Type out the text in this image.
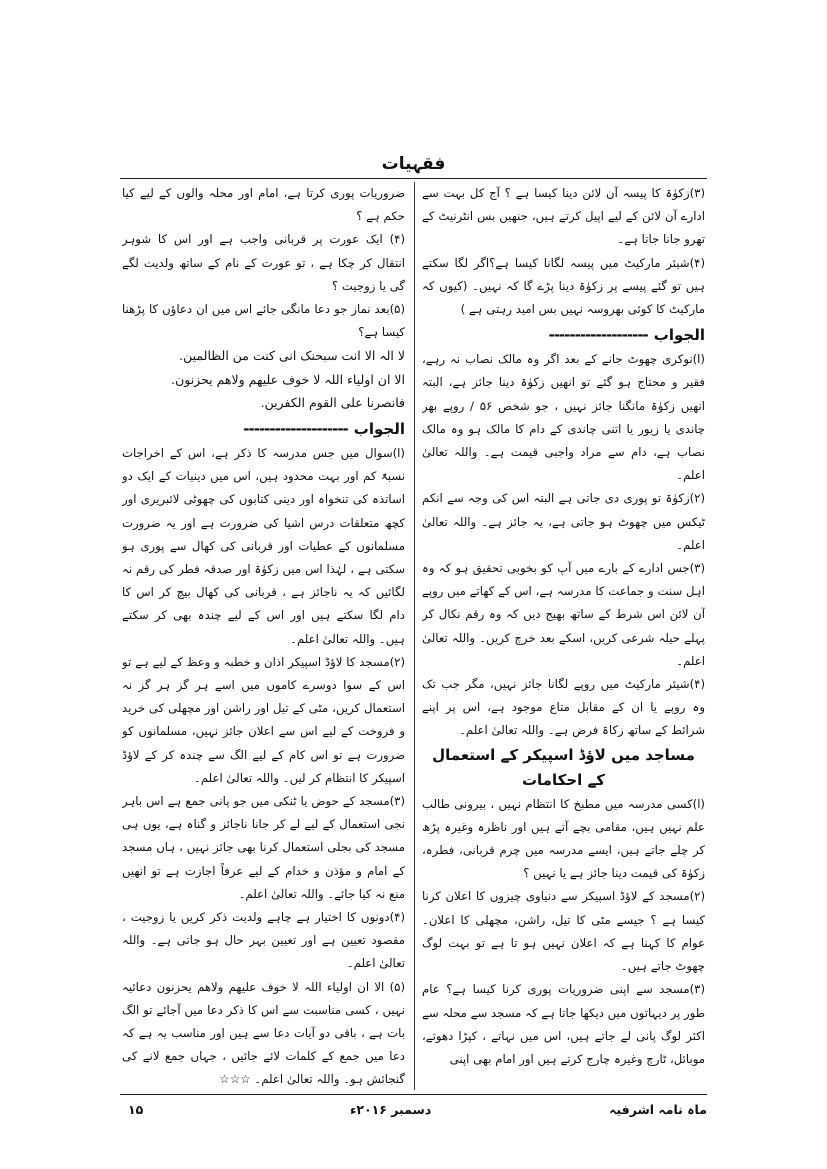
فقہیات

(۳)زکوٰۃ کا پیسہ آن لائن دینا کیسا ہے ؟ آج کل بہت سے ادارے آن لائن کے لیے اپیل کرتے ہیں، جنھیں بس انٹرنیٹ کے تھرو جانا جاتا ہے۔

(۴)شیئر مارکیٹ میں پیسہ لگانا کیسا ہے؟اگر لگا سکتے ہیں تو گئے پیسے پر زکوٰۃ دینا پڑے گا کہ نہیں۔ (کیوں کہ مارکیٹ کا کوئی بھروسہ نہیں بس امید رہتی ہے )

الجواب
-------------------

(ا)نوکری چھوٹ جانے کے بعد اگر وہ مالک نصاب نہ رہے، فقیر و محتاج ہو گئے تو انھیں زکوٰۃ دینا جائز ہے، البتہ انھیں زکوٰۃ مانگنا جائز نہیں ، جو شخص ۵۶ / روپے بھر چاندی یا زیور یا اتنی چاندی کے دام کا مالک ہو وہ مالک نصاب ہے، دام سے مراد واجبی قیمت ہے۔ واللہ تعالیٰ اعلم۔

(۲)زکوٰۃ تو پوری دی جاتی ہے البتہ اس کی وجہ سے انکم ٹیکس میں چھوٹ ہو جاتی ہے، یہ جائز ہے۔ واللہ تعالیٰ اعلم۔

(۳)جس ادارے کے بارے میں آپ کو بخوبی تحقیق ہو کہ وہ اہل سنت و جماعت کا مدرسہ ہے، اس کے کھاتے میں روپے آن لائن اس شرط کے ساتھ بھیج دیں کہ وہ رقم نکال کر پہلے حیلہ شرعی کریں، اسکے بعد خرچ کریں۔ واللہ تعالیٰ اعلم۔

(۴)شیئر مارکیٹ میں روپے لگانا جائز نہیں، مگر جب تک وہ روپے یا ان کے مقابل متاع موجود ہے، اس پر اپنے شرائط کے ساتھ زکاۃ فرض ہے۔ واللہ تعالیٰ اعلم۔

مساجد میں لاؤڈ اسپیکر کے استعمال کے احکامات

(ا)کسی مدرسہ میں مطبخ کا انتظام نہیں ، بیرونی طالب علم نہیں ہیں، مقامی بچے آتے ہیں اور ناظرہ وغیرہ پڑھ کر چلے جاتے ہیں، ایسے مدرسہ میں چرم قربانی، فطرہ، زکوٰۃ کی قیمت دینا جائز ہے یا نہیں ؟

(۲)مسجد کے لاؤڈ اسپیکر سے دنیاوی چیزوں کا اعلان کرنا کیسا ہے ؟ جیسے مٹی کا تیل، راشن، مچھلی کا اعلان۔ عوام کا کہنا ہے کہ اعلان نہیں ہو تا ہے تو بہت لوگ چھوٹ جاتے ہیں۔

(۳)مسجد سے اپنی ضروریات پوری کرنا کیسا ہے؟ عام طور پر دیہاتوں میں دیکھا جاتا ہے کہ مسجد سے محلہ سے اکثر لوگ پانی لے جاتے ہیں، اس میں نہاتے ، کپڑا دھوتے، موبائل، ٹارچ وغیرہ چارج کرتے ہیں اور امام بھی اپنی

ضروریات پوری کرتا ہے، امام اور محلہ والوں کے لیے کیا حکم ہے ؟

(۴) ایک عورت پر قربانی واجب ہے اور اس کا شوہر انتقال کر چکا ہے ، تو عورت کے نام کے ساتھ ولدیت لگے گی یا زوجیت ؟

(۵)بعد نماز جو دعا مانگی جائے اس میں ان دعاؤں کا پڑھنا کیسا ہے؟

لا الہ الا انت سبحنک انی کنت من الظالمین.

الا ان اولیاء اللہ لا خوف علیھم ولاھم یحزنون.

فانصرنا علی القوم الکفرین.

الجواب
--------------------

(ا)سوال میں جس مدرسہ کا ذکر ہے، اس کے اخراجات نسبۃً کم اور بہت محدود ہیں، اس میں دینیات کے ایک دو اساتذہ کی تنخواہ اور دینی کتابوں کی چھوٹی لائبریری اور کچھ متعلقات درس اشیا کی ضرورت ہے اور یہ ضرورت مسلمانوں کے عطیات اور قربانی کی کھال سے پوری ہو سکتی ہے ، لہٰذا اس میں زکوٰۃ اور صدقہ فطر کی رقم نہ لگائیں کہ یہ ناجائز ہے ، قربانی کی کھال بیچ کر اس کا دام لگا سکتے ہیں اور اس کے لیے چندہ بھی کر سکتے ہیں۔ واللہ تعالیٰ اعلم۔

(۲)مسجد کا لاؤڈ اسپیکر اذان و خطبہ و وعظ کے لیے ہے تو اس کے سوا دوسرے کاموں میں اسے ہر گز ہر گز نہ استعمال کریں، مٹی کے تیل اور راشن اور مچھلی کی خرید و فروخت کے لیے اس سے اعلان جائز نہیں، مسلمانوں کو ضرورت ہے تو اس کام کے لیے الگ سے چندہ کر کے لاؤڈ اسپیکر کا انتظام کر لیں۔ واللہ تعالیٰ اعلم۔

(۳)مسجد کے حوض یا ٹنکی میں جو پانی جمع ہے اس باہر نجی استعمال کے لیے لے کر جانا ناجائز و گناہ ہے، یوں ہی مسجد کی بجلی استعمال کرنا بھی جائز نہیں ، ہاں مسجد کے امام و مؤذن و خدام کے لیے عرفاً اجازت ہے تو انھیں منع نہ کیا جائے۔ واللہ تعالیٰ اعلم۔

(۴)دونوں کا اختیار ہے چاہے ولدیت ذکر کریں یا زوجیت ، مقصود تعیین ہے اور تعیین بہر حال ہو جاتی ہے۔ واللہ تعالیٰ اعلم۔

(۵) الا ان اولیاء اللہ لا خوف علیھم ولاھم یحزنون دعائیہ نہیں ، کسی مناسبت سے اس کا ذکر دعا میں آجائے تو الگ بات ہے ، باقی دو آیات دعا سے ہیں اور مناسب یہ ہے کہ دعا میں جمع کے کلمات لائے جائیں ، جہاں جمع لانے کی گنجائش ہو۔ واللہ تعالیٰ اعلم۔ ☆☆☆

ماہ نامہ اشرفیہ
دسمبر ۲۰۱۶ء
۱۵
